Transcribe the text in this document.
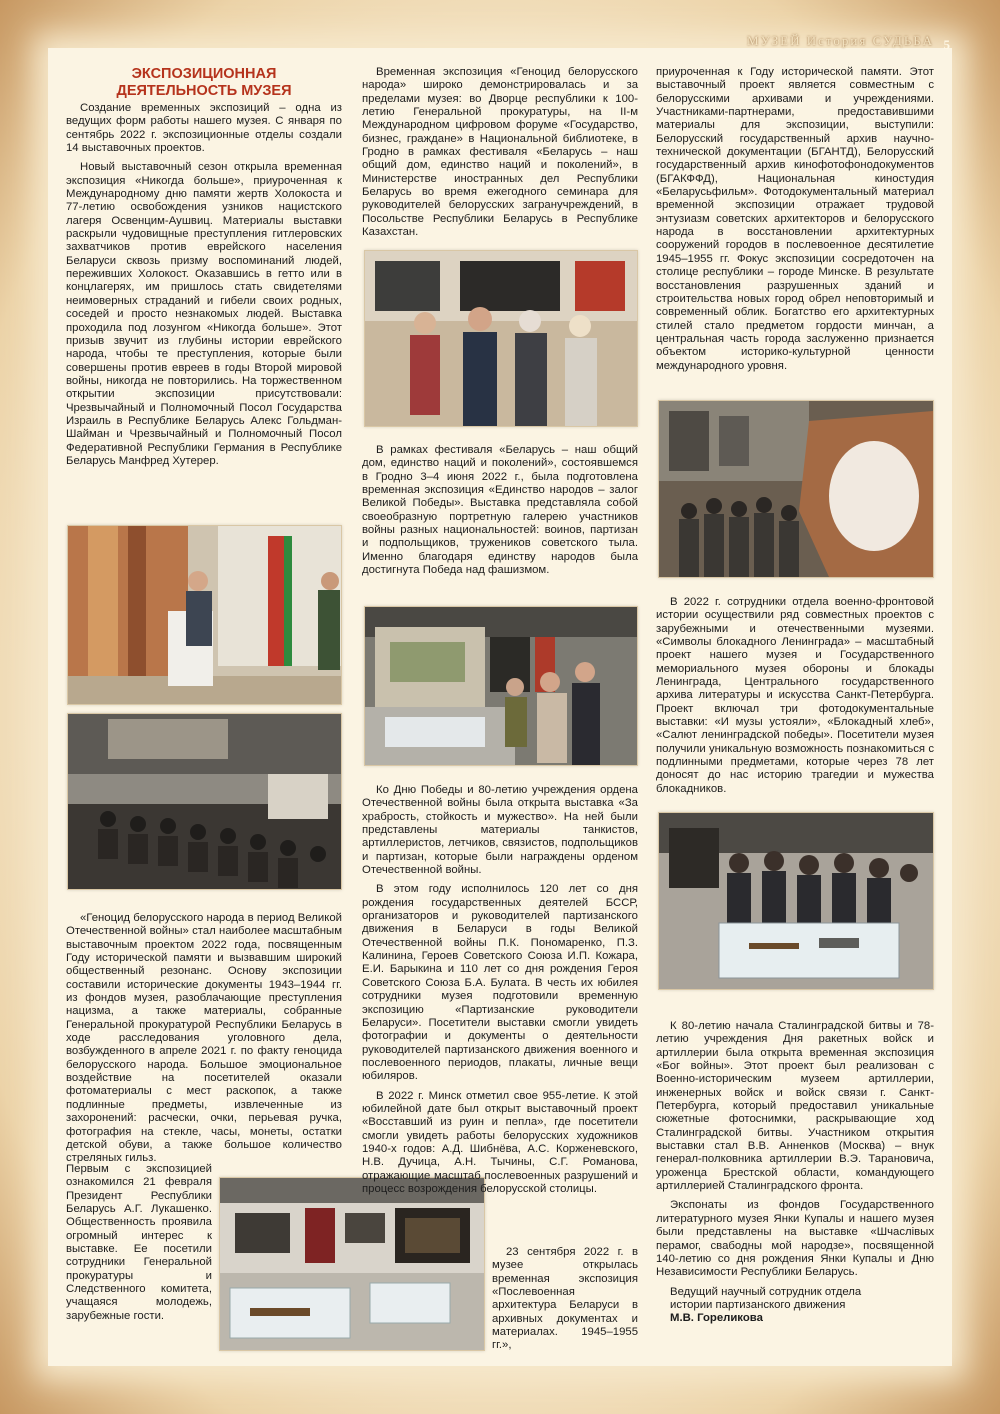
МУЗЕЙ История СУДЬБА 5
ЭКСПОЗИЦИОННАЯ
ДЕЯТЕЛЬНОСТЬ МУЗЕЯ

Создание временных экспозиций – одна из ведущих форм работы нашего музея. С января по сентябрь 2022 г. экспозиционные отделы создали 14 выставочных проектов.

Новый выставочный сезон открыла временная экспозиция «Никогда больше», приуроченная к Международному дню памяти жертв Холокоста и 77-летию освобождения узников нацистского лагеря Освенцим-Аушвиц. Материалы выставки раскрыли чудовищные преступления гитлеровских захватчиков против еврейского населения Беларуси сквозь призму воспоминаний людей, переживших Холокост. Оказавшись в гетто или в концлагерях, им пришлось стать свидетелями неимоверных страданий и гибели своих родных, соседей и просто незнакомых людей. Выставка проходила под лозунгом «Никогда больше». Этот призыв звучит из глубины истории еврейского народа, чтобы те преступления, которые были совершены против евреев в годы Второй мировой войны, никогда не повторились. На торжественном открытии экспозиции присутствовали: Чрезвычайный и Полномочный Посол Государства Израиль в Республике Беларусь Алекс Гольдман-Шайман и Чрезвычайный и Полномочный Посол Федеративной Республики Германия в Республике Беларусь Манфред Хутерер.

«Геноцид белорусского народа в период Великой Отечественной войны» стал наиболее масштабным выставочным проектом 2022 года, посвященным Году исторической памяти и вызвавшим широкий общественный резонанс. Основу экспозиции составили исторические документы 1943–1944 гг. из фондов музея, разоблачающие преступления нацизма, а также материалы, собранные Генеральной прокуратурой Республики Беларусь в ходе расследования уголовного дела, возбужденного в апреле 2021 г. по факту геноцида белорусского народа. Большое эмоциональное воздействие на посетителей оказали фотоматериалы с мест раскопок, а также подлинные предметы, извлеченные из захоронений: расчески, очки, перьевая ручка, фотография на стекле, часы, монеты, остатки детской обуви, а также большое количество стреляных гильз.

Первым с экспозицией ознакомился 21 февраля Президент Республики Беларусь А.Г. Лукашенко. Общественность проявила огромный интерес к выставке. Ее посетили сотрудники Генеральной прокуратуры и Следственного комитета, учащаяся молодежь, зарубежные гости.

Временная экспозиция «Геноцид белорусского народа» широко демонстрировалась и за пределами музея: во Дворце республики к 100-летию Генеральной прокуратуры, на II-м Международном цифровом форуме «Государство, бизнес, граждане» в Национальной библиотеке, в Гродно в рамках фестиваля «Беларусь – наш общий дом, единство наций и поколений», в Министерстве иностранных дел Республики Беларусь во время ежегодного семинара для руководителей белорусских загранучреждений, в Посольстве Республики Беларусь в Республике Казахстан.

В рамках фестиваля «Беларусь – наш общий дом, единство наций и поколений», состоявшемся в Гродно 3–4 июня 2022 г., была подготовлена временная экспозиция «Единство народов – залог Великой Победы». Выставка представляла собой своеобразную портретную галерею участников войны разных национальностей: воинов, партизан и подпольщиков, тружеников советского тыла. Именно благодаря единству народов была достигнута Победа над фашизмом.

Ко Дню Победы и 80-летию учреждения ордена Отечественной войны была открыта выставка «За храбрость, стойкость и мужество». На ней были представлены материалы танкистов, артиллеристов, летчиков, связистов, подпольщиков и партизан, которые были награждены орденом Отечественной войны.

В этом году исполнилось 120 лет со дня рождения государственных деятелей БССР, организаторов и руководителей партизанского движения в Беларуси в годы Великой Отечественной войны П.К. Пономаренко, П.З. Калинина, Героев Советского Союза И.П. Кожара, Е.И. Барыкина и 110 лет со дня рождения Героя Советского Союза Б.А. Булата. В честь их юбилея сотрудники музея подготовили временную экспозицию «Партизанские руководители Беларуси». Посетители выставки смогли увидеть фотографии и документы о деятельности руководителей партизанского движения военного и послевоенного периодов, плакаты, личные вещи юбиляров.

В 2022 г. Минск отметил свое 955-летие. К этой юбилейной дате был открыт выставочный проект «Восставший из руин и пепла», где посетители смогли увидеть работы белорусских художников 1940-х годов: А.Д. Шибнёва, А.С. Корженевского, Н.В. Дучица, А.Н. Тычины, С.Г. Романова, отражающие масштаб послевоенных разрушений и процесс возрождения белорусской столицы.

23 сентября 2022 г. в музее открылась временная экспозиция «Послевоенная архитектура Беларуси в архивных документах и материалах. 1945–1955 гг.»,

приуроченная к Году исторической памяти. Этот выставочный проект является совместным с белорусскими архивами и учреждениями. Участниками-партнерами, предоставившими материалы для экспозиции, выступили: Белорусский государственный архив научно-технической документации (БГАНТД), Белорусский государственный архив кинофотофонодокументов (БГАКФФД), Национальная киностудия «Беларусьфильм». Фотодокументальный материал временной экспозиции отражает трудовой энтузиазм советских архитекторов и белорусского народа в восстановлении архитектурных сооружений городов в послевоенное десятилетие 1945–1955 гг. Фокус экспозиции сосредоточен на столице республики – городе Минске. В результате восстановления разрушенных зданий и строительства новых город обрел неповторимый и современный облик. Богатство его архитектурных стилей стало предметом гордости минчан, а центральная часть города заслуженно признается объектом историко-культурной ценности международного уровня.

В 2022 г. сотрудники отдела военно-фронтовой истории осуществили ряд совместных проектов с зарубежными и отечественными музеями. «Символы блокадного Ленинграда» – масштабный проект нашего музея и Государственного мемориального музея обороны и блокады Ленинграда, Центрального государственного архива литературы и искусства Санкт-Петербурга. Проект включал три фотодокументальные выставки: «И музы устояли», «Блокадный хлеб», «Салют ленинградской победы». Посетители музея получили уникальную возможность познакомиться с подлинными предметами, которые через 78 лет доносят до нас историю трагедии и мужества блокадников.

К 80-летию начала Сталинградской битвы и 78-летию учреждения Дня ракетных войск и артиллерии была открыта временная экспозиция «Бог войны». Этот проект был реализован с Военно-историческим музеем артиллерии, инженерных войск и войск связи г. Санкт-Петербурга, который предоставил уникальные сюжетные фотоснимки, раскрывающие ход Сталинградской битвы. Участником открытия выставки стал В.В. Анненков (Москва) – внук генерал-полковника артиллерии В.Э. Тарановича, уроженца Брестской области, командующего артиллерией Сталинградского фронта.

Экспонаты из фондов Государственного литературного музея Янки Купалы и нашего музея были представлены на выставке «Шчаслівых перамог, свабодны мой народзе», посвященной 140-летию со дня рождения Янки Купалы и Дню Независимости Республики Беларусь.

Ведущий научный сотрудник отдела

истории партизанского движения

М.В. Гореликова
